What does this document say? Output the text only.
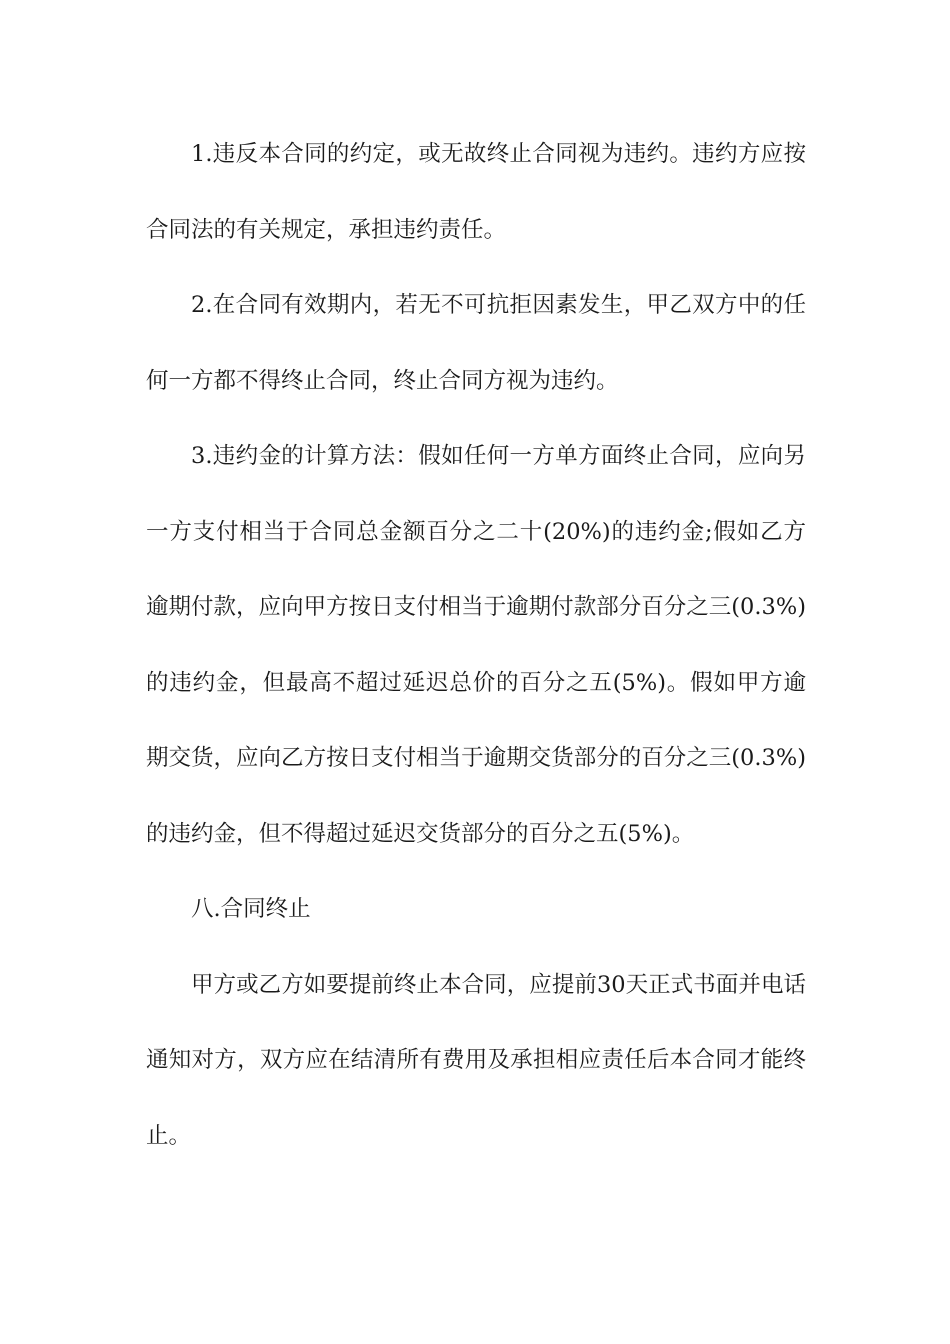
1.违反本合同的约定，或无故终止合同视为违约。违约方应按合同法的有关规定，承担违约责任。

2.在合同有效期内，若无不可抗拒因素发生，甲乙双方中的任何一方都不得终止合同，终止合同方视为违约。

3.违约金的计算方法：假如任何一方单方面终止合同，应向另一方支付相当于合同总金额百分之二十(20%)的违约金;假如乙方逾期付款，应向甲方按日支付相当于逾期付款部分百分之三(0.3%)的违约金，但最高不超过延迟总价的百分之五(5%)。假如甲方逾期交货，应向乙方按日支付相当于逾期交货部分的百分之三(0.3%)的违约金，但不得超过延迟交货部分的百分之五(5%)。

八.合同终止

甲方或乙方如要提前终止本合同，应提前30天正式书面并电话通知对方，双方应在结清所有费用及承担相应责任后本合同才能终止。
